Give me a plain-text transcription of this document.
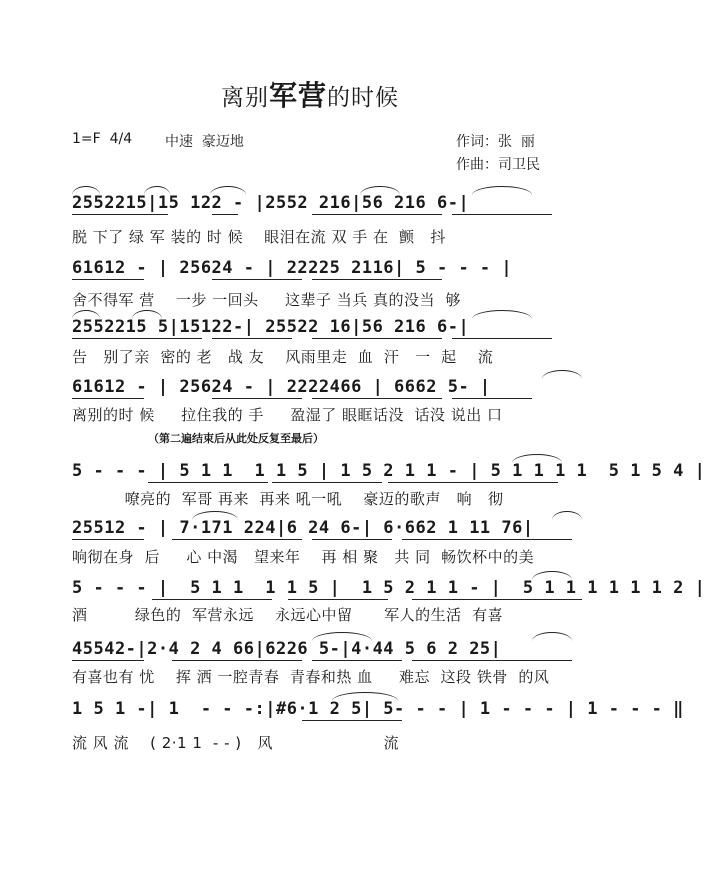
离别军营的时候
1=F  4/4 中速  豪迈地	作词：张  丽
作曲：司卫民

2552215|15 122 - |2552 216|56 216 6-|

脱 下了 绿 军 装的 时 候    眼泪在流 双 手 在  颤   抖

61612 - | 25624 - | 22225 2116| 5 - - - |

舍不得军 营    一步 一回头     这辈子 当兵 真的没当  够

2552215 5|15122-| 25522 16|56 216 6-|

告   别了亲  密的 老   战 友    风雨里走  血  汗   一  起    流

61612 - | 25624 - | 2222466 | 6662 5- |

离别的时 候     拉住我的 手     盈湿了 眼眶话没  话没 说出 口
（第二遍结束后从此处反复至最后）

5 - - - | 5 1 1  1 1 5 | 1 5 2 1 1 - | 5 1 1 1 1  5 1 5 4 |

嘹亮的  军哥 再来  再来 吼一吼    豪迈的歌声   响   彻

25512 - | 7·171 224|6 24 6-| 6·662 1 11 76|

响彻在身  后     心 中渴   望来年    再 相 聚   共 同  畅饮杯中的美

5 - - - |  5 1 1  1 1 5 |  1 5 2 1 1 - |  5 1 1 1 1 1 1 2 |

酒         绿色的  军营永远    永远心中留      军人的生活  有喜

45542-|2·4 2 4 66|6226 5-|4·44 5 6 2 25|

有喜也有 忧    挥 洒 一腔青春  青春和热 血     难忘  这段 铁骨  的风

1 5 1 -| 1  - - -:|#6·1 2 5| 5- - - | 1 - - - | 1 - - - ‖

流 风 流    ( 2·1 1  - - )   风                     流
